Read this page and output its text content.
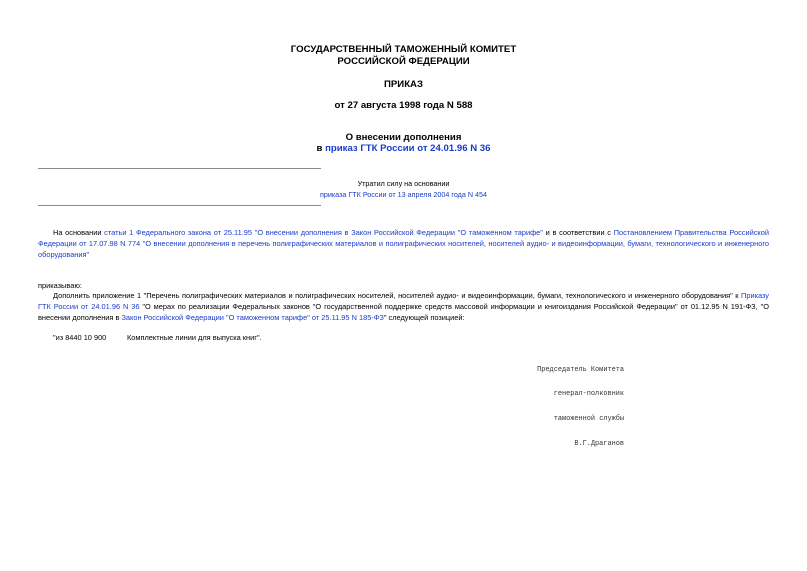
ГОСУДАРСТВЕННЫЙ ТАМОЖЕННЫЙ КОМИТЕТ
РОССИЙСКОЙ ФЕДЕРАЦИИ
ПРИКАЗ
от 27 августа 1998 года N 588
О внесении дополнения
в приказ ГТК России от 24.01.96 N 36
Утратил силу на основании
приказа ГТК России от 13 апреля 2004 года N 454
На основании статьи 1 Федерального закона от 25.11.95 "О внесении дополнения в Закон Российской Федерации "О таможенном тарифе" и в соответствии с Постановлением Правительства Российской Федерации от 17.07.98 N 774 "О внесении дополнения в перечень полиграфических материалов и полиграфических носителей, носителей аудио- и видеоинформации, бумаги, технологического и инженерного оборудования"
приказываю:
Дополнить приложение 1 "Перечень полиграфических материалов и полиграфических носителей, носителей аудио- и видеоинформации, бумаги, технологического и инженерного оборудования" к Приказу ГТК России от 24.01.96 N 36 "О мерах по реализации Федеральных законов "О государственной поддержке средств массовой информации и книгоиздания Российской Федерации" от 01.12.95 N 191-ФЗ, "О внесении дополнения в Закон Российской Федерации "О таможенном тарифе" от 25.11.95 N 185-ФЗ" следующей позицией:
"из 8440 10 900	Комплектные линии для выпуска книг".

Председатель Комитета

генерал-полковник

таможенной службы

В.Г.Драганов
